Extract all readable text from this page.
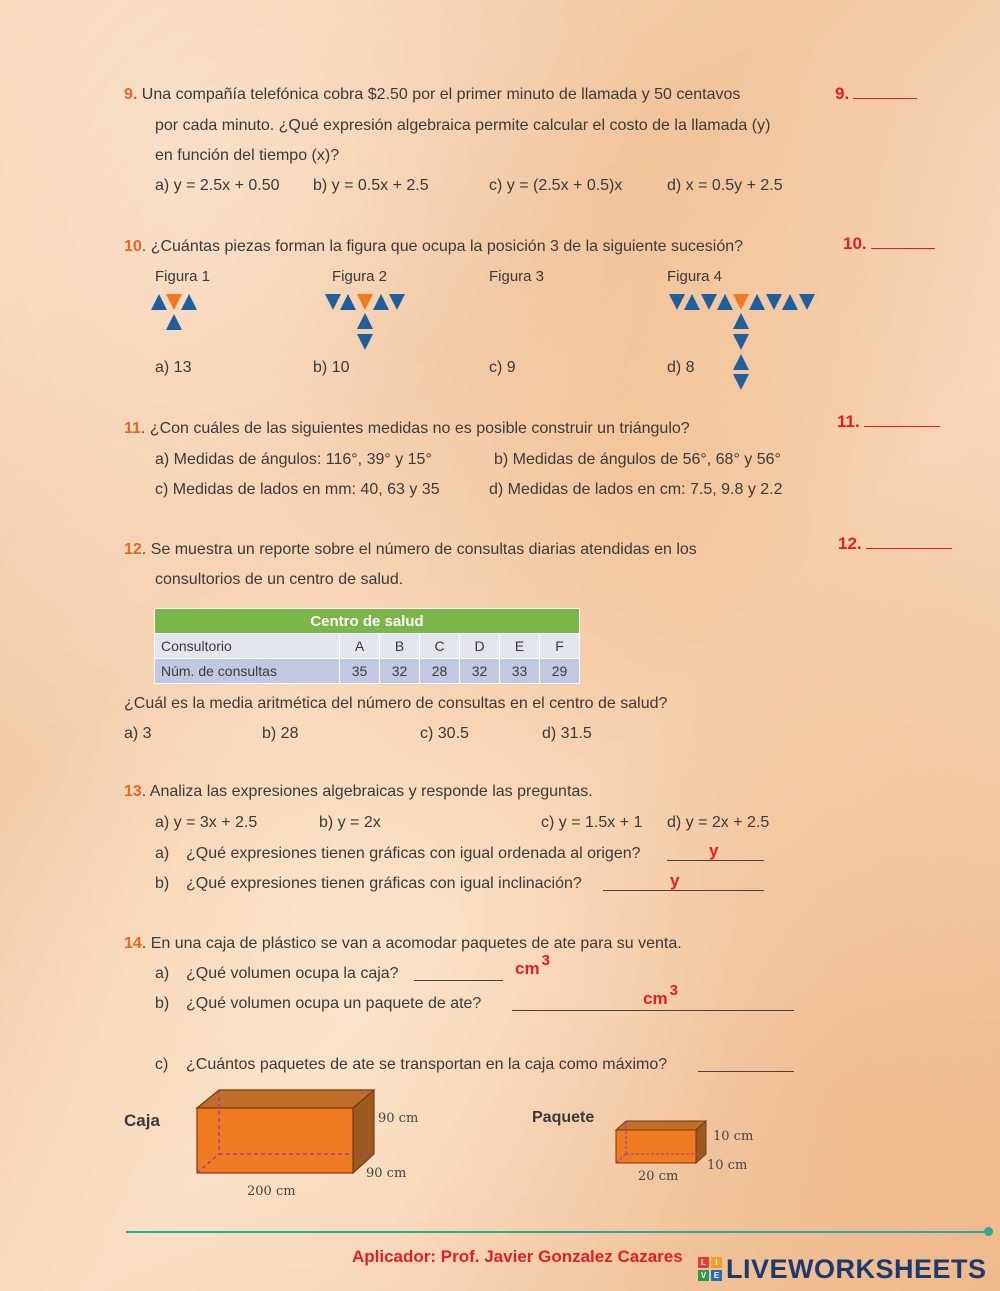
9. Una compañía telefónica cobra $2.50 por el primer minuto de llamada y 50 centavos
por cada minuto. ¿Qué expresión algebraica permite calcular el costo de la llamada (y)
en función del tiempo (x)?
a) y = 2.5x + 0.50 b) y = 0.5x + 2.5	c) y = (2.5x + 0.5)x	d) x = 0.5y + 2.5
9.
10. ¿Cuántas piezas forman la figura que ocupa la posición 3 de la siguiente sucesión?
Figura 1	Figura 2	Figura 3	Figura 4
a) 13	b) 10	c) 9	d) 8
10.
11. ¿Con cuáles de las siguientes medidas no es posible construir un triángulo?
a) Medidas de ángulos: 116°, 39° y 15°	b) Medidas de ángulos de 56°, 68° y 56°
c) Medidas de lados en mm: 40, 63 y 35	d) Medidas de lados en cm: 7.5, 9.8 y 2.2
11.
12. Se muestra un reporte sobre el número de consultas diarias atendidas en los
consultorios de un centro de salud.
12.
Centro de salud						
Consultorio	A	B	C	D	E	F
Núm. de consultas	35	32	28	32	33	29
¿Cuál es la media aritmética del número de consultas en el centro de salud?
a) 3	b) 28	c) 30.5	d) 31.5
13. Analiza las expresiones algebraicas y responde las preguntas.
a) y = 3x + 2.5	b) y = 2x	c) y = 1.5x + 1 d) y = 2x + 2.5
a) ¿Qué expresiones tienen gráficas con igual ordenada al origen?	y
b) ¿Qué expresiones tienen gráficas con igual inclinación?	y
14. En una caja de plástico se van a acomodar paquetes de ate para su venta.
a) ¿Qué volumen ocupa la caja?	cm 3
b) ¿Qué volumen ocupa un paquete de ate?	cm 3
c) ¿Cuántos paquetes de ate se transportan en la caja como máximo?
Caja	90 cm
90 cm
200 cm
Paquete
10 cm
10 cm
20 cm
Aplicador: Prof. Javier Gonzalez Cazares	L	I
V E LIVEWORKSHEETS
